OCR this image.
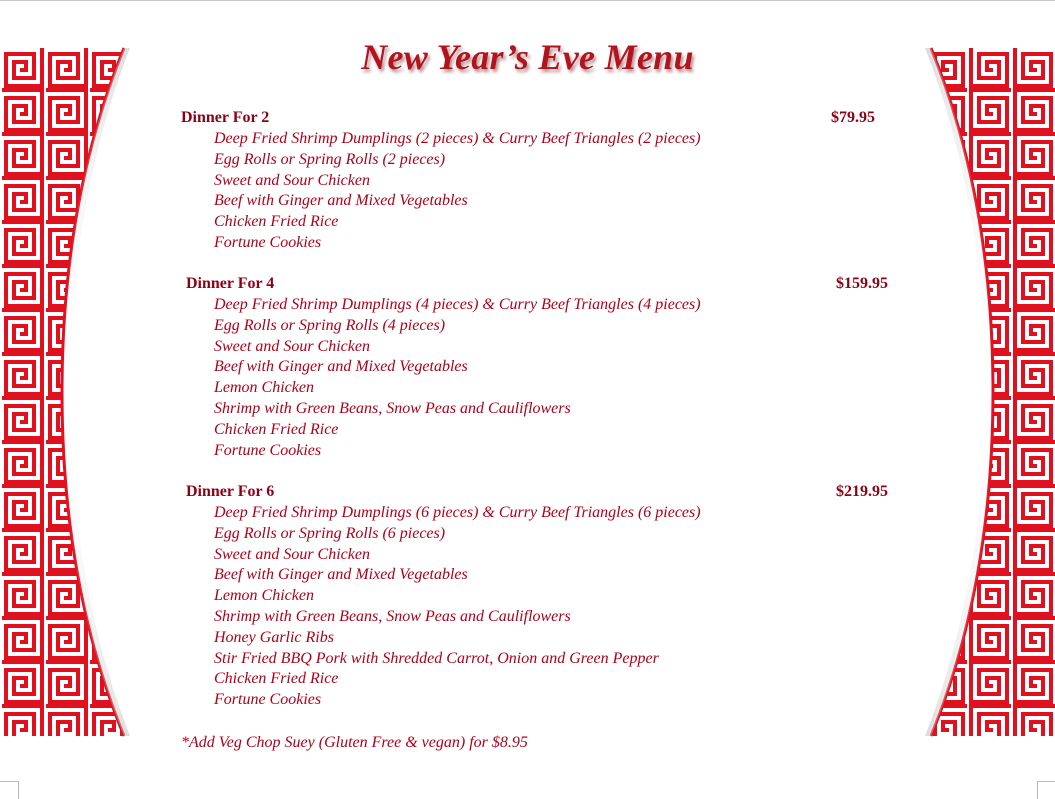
New Year’s Eve Menu
Dinner For 2	$79.95
Deep Fried Shrimp Dumplings (2 pieces) & Curry Beef Triangles (2 pieces)
Egg Rolls or Spring Rolls (2 pieces)
Sweet and Sour Chicken
Beef with Ginger and Mixed Vegetables
Chicken Fried Rice
Fortune Cookies
Dinner For 4	$159.95
Deep Fried Shrimp Dumplings (4 pieces) & Curry Beef Triangles (4 pieces)
Egg Rolls or Spring Rolls (4 pieces)
Sweet and Sour Chicken
Beef with Ginger and Mixed Vegetables
Lemon Chicken
Shrimp with Green Beans, Snow Peas and Cauliflowers
Chicken Fried Rice
Fortune Cookies
Dinner For 6	$219.95
Deep Fried Shrimp Dumplings (6 pieces) & Curry Beef Triangles (6 pieces)
Egg Rolls or Spring Rolls (6 pieces)
Sweet and Sour Chicken
Beef with Ginger and Mixed Vegetables
Lemon Chicken
Shrimp with Green Beans, Snow Peas and Cauliflowers
Honey Garlic Ribs
Stir Fried BBQ Pork with Shredded Carrot, Onion and Green Pepper
Chicken Fried Rice
Fortune Cookies
*Add Veg Chop Suey (Gluten Free & vegan) for $8.95
